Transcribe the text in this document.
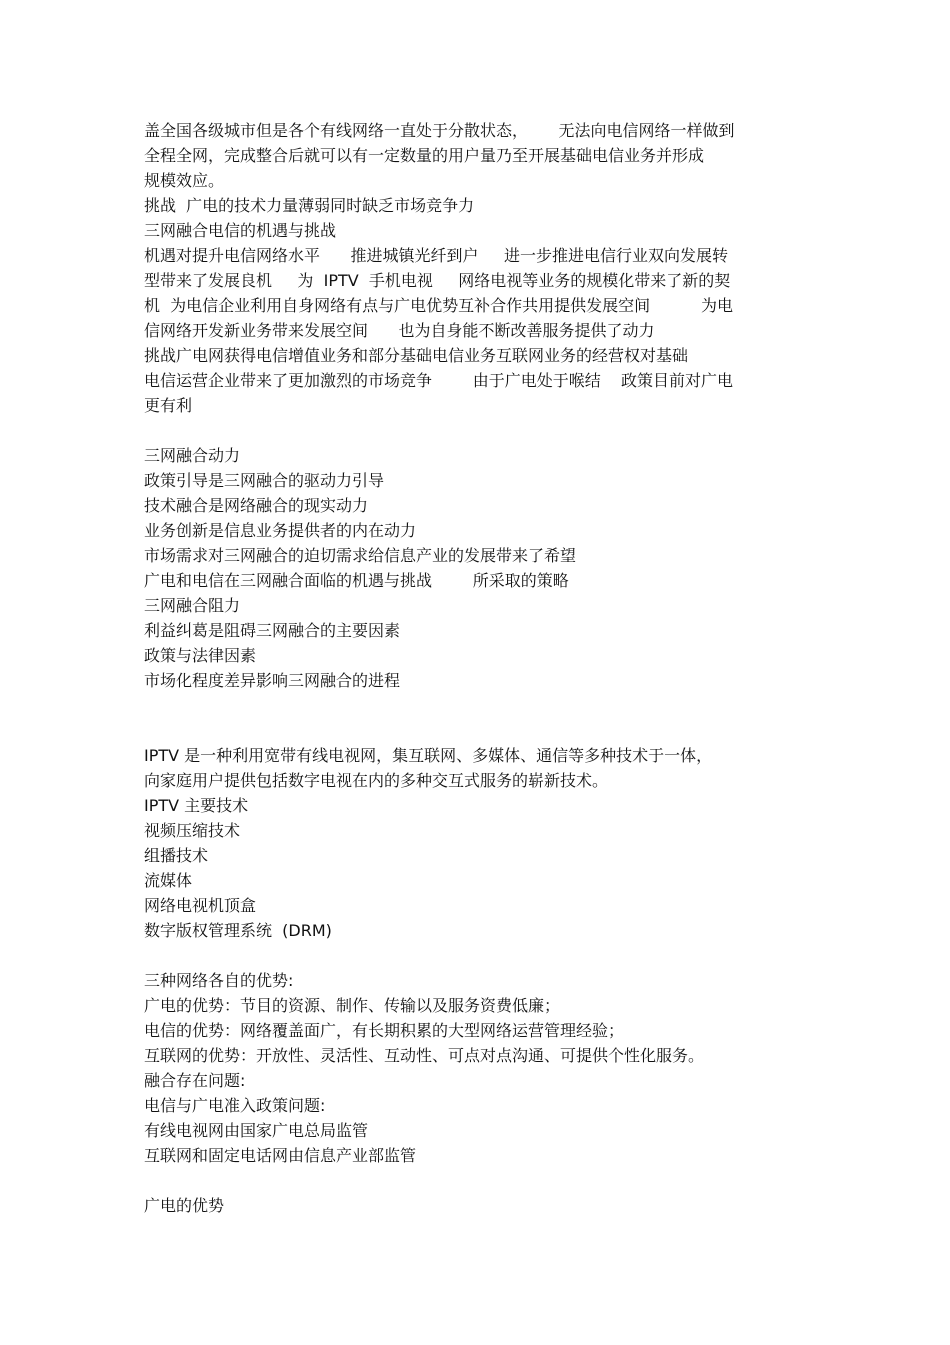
盖全国各级城市但是各个有线网络一直处于分散状态，      无法向电信网络一样做到
全程全网，完成整合后就可以有一定数量的用户量乃至开展基础电信业务并形成
规模效应。
挑战  广电的技术力量薄弱同时缺乏市场竞争力
三网融合电信的机遇与挑战
机遇对提升电信网络水平      推进城镇光纤到户     进一步推进电信行业双向发展转
型带来了发展良机     为  IPTV  手机电视     网络电视等业务的规模化带来了新的契
机  为电信企业利用自身网络有点与广电优势互补合作共用提供发展空间          为电
信网络开发新业务带来发展空间      也为自身能不断改善服务提供了动力
挑战广电网获得电信增值业务和部分基础电信业务互联网业务的经营权对基础
电信运营企业带来了更加激烈的市场竞争        由于广电处于喉结    政策目前对广电
更有利
三网融合动力
政策引导是三网融合的驱动力引导
技术融合是网络融合的现实动力
业务创新是信息业务提供者的内在动力
市场需求对三网融合的迫切需求给信息产业的发展带来了希望
广电和电信在三网融合面临的机遇与挑战        所采取的策略
三网融合阻力
利益纠葛是阻碍三网融合的主要因素
政策与法律因素
市场化程度差异影响三网融合的进程
IPTV 是一种利用宽带有线电视网，集互联网、多媒体、通信等多种技术于一体，
向家庭用户提供包括数字电视在内的多种交互式服务的崭新技术。
IPTV 主要技术
视频压缩技术
组播技术
流媒体
网络电视机顶盒
数字版权管理系统  (DRM)
三种网络各自的优势:
广电的优势：节目的资源、制作、传输以及服务资费低廉；
电信的优势：网络覆盖面广，有长期积累的大型网络运营管理经验；
互联网的优势：开放性、灵活性、互动性、可点对点沟通、可提供个性化服务。
融合存在问题:
电信与广电准入政策问题:
有线电视网由国家广电总局监管
互联网和固定电话网由信息产业部监管
广电的优势
